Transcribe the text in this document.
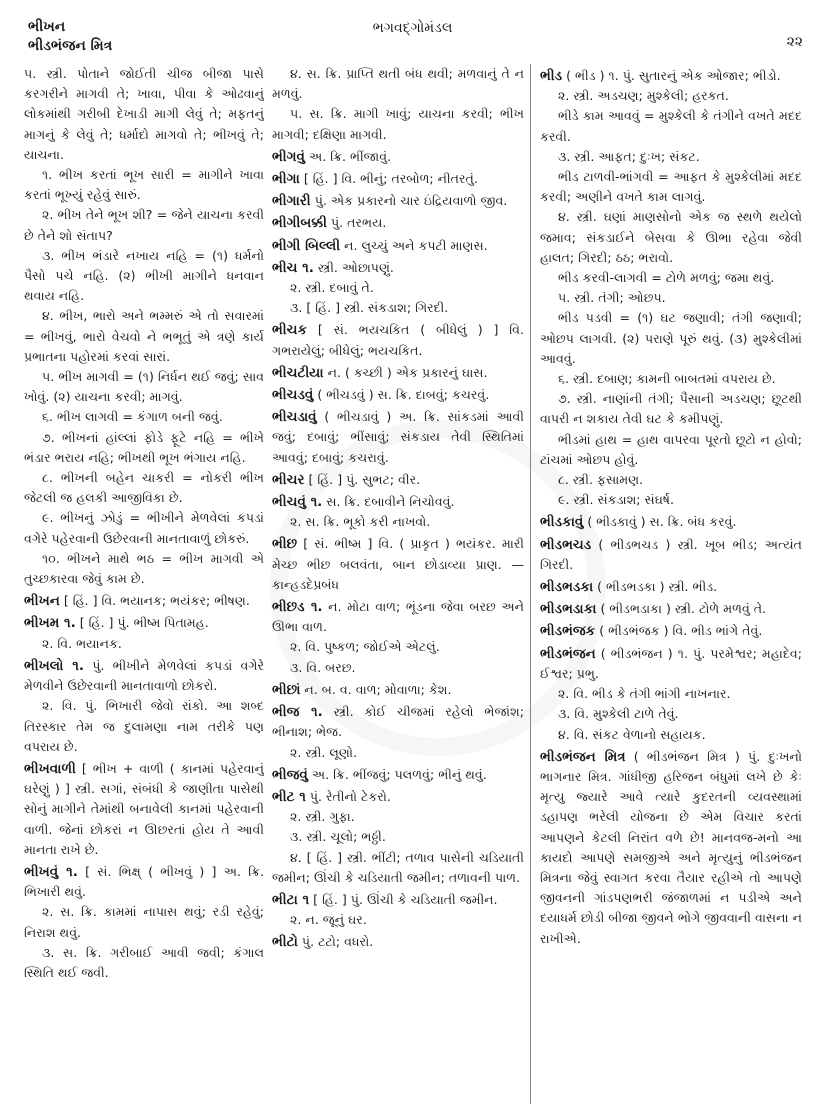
ભીખન
ભીડભંજન મિત્ર
ભગવદ્ગોમંડલ
૨૨

૫. સ્ત્રી. પોતાને જોઈતી ચીજ બીજા પાસે કરગરીને માગવી તે; ખાવા, પીવા કે ઓઢવાનું લોકમાંથી ગરીબી દેખાડી માગી લેવું તે; મફતનું માગનું કે લેવું તે; ધર્માદો માગવો તે; ભીખવું તે; યાચના.

૧. ભીખ કરતાં ભૂખ સારી = માગીને ખાવા કરતાં ભૂખ્યું રહેવું સારું.

૨. ભીખ તેને ભૂખ શી? = જેને યાચના કરવી છે તેને શો સંતાપ?

૩. ભીખ ભંડારે નખાય નહિ = (૧) ધર્મનો પૈસો પચે નહિ. (૨) ભીખી માગીને ધનવાન થવાય નહિ.

૪. ભીખ, ભારો અને ભમ્મરું એ તો સવારમાં = ભીખવું, ભારો વેચવો ને ભભૂતું એ ત્રણે કાર્ય પ્રભાતના પહોરમાં કરવાં સારાં.

૫. ભીખ માગવી = (૧) નિર્ધન થઈ જવું; સાવ ખોવું. (૨) યાચના કરવી; માગવું.

૬. ભીખ લાગવી = કંગાળ બની જવું.

૭. ભીખનાં હાંલ્લાં ફોડે ફૂટે નહિ = ભીખે ભંડાર ભરાય નહિ; ભીખથી ભૂખ ભંગાય નહિ.

૮. ભીખની બહેન ચાકરી = નોકરી ભીખ જેટલી જ હલકી આજીવિકા છે.

૯. ભીખનું ઝોડું = ભીખીને મેળવેલાં કપડાં વગેરે પહેરવાની ઉછેરવાની માનતાવાળું છોકરું.

૧૦. ભીખને માથે ભઠ = ભીખ માગવી એ તુચ્છકારવા જેવું કામ છે.

ભીખન [ હિં. ] વિ. ભયાનક; ભયંકર; ભીષણ.

ભીખમ ૧. [ હિં. ] પું. ભીષ્મ પિતામહ.

૨. વિ. ભયાનક.

ભીખલો ૧. પું. ભીખીને મેળવેલાં કપડાં વગેરે મેળવીને ઉછેરવાની માનતાવાળો છોકરો.

૨. વિ. પું. ભિખારી જેવો રાંકો. આ શબ્દ તિરસ્કાર તેમ જ દુલામણા નામ તરીકે પણ વપરાય છે.

ભીખવાળી [ ભીખ + વાળી ( કાનમાં પહેરવાનું ઘરેણું ) ] સ્ત્રી. સગાં, સંબંધી કે જાણીતા પાસેથી સોનું માગીને તેમાંથી બનાવેલી કાનમાં પહેરવાની વાળી. જેનાં છોકરાં ન ઊછરતાં હોય તે આવી માનતા રાખે છે.

ભીખવું ૧. [ સં. ભિક્ષ્ ( ભીખવું ) ] અ. ક્રિ. ભિખારી થવું.

૨. સ. ક્રિ. કામમાં નાપાસ થવું; રડી રહેવું; નિરાશ થવું.

૩. સ. ક્રિ. ગરીબાઈ આવી જવી; કંગાલ સ્થિતિ થઈ જવી.

૪. સ. ક્રિ. પ્રાપ્તિ થતી બંધ થવી; મળવાનું તે ન મળવું.

૫. સ. ક્રિ. માગી ખાવું; યાચના કરવી; ભીખ માગવી; દક્ષિણા માગવી.

ભીગવું અ. ક્રિ. ભીંજાવું.

ભીગા [ હિં. ] વિ. ભીનું; તરબોળ; નીતરતું.

ભીગારી પું. એક પ્રકારનો ચાર ઇંદ્રિયવાળો જીવ.

ભીગીબક્કી પું. તરભય.

ભીગી બિલ્લી ન. લુચ્ચું અને કપટી માણસ.

ભીચ ૧. સ્ત્રી. ઓછાપણું.

૨. સ્ત્રી. દબાવું તે.

૩. [ હિં. ] સ્ત્રી. સંકડાશ; ગિરદી.

ભીચક [ સં. ભયચકિત ( બીધેલું ) ] વિ. ગભરાયેલું; બીધેલું; ભયચકિત.

ભીચટીયા ન. ( કચ્છી ) એક પ્રકારનું ઘાસ.

ભીચડવું ( ભીચડવું ) સ. ક્રિ. દાબવું; કચરવું.

ભીચડાવું ( ભીચડાવું ) અ. ક્રિ. સાંકડમાં આવી જવું; દબાવું; ભીંસાવું; સંકડાય તેવી સ્થિતિમાં આવવું; દબાવું; કચરાવું.

ભીચર [ હિં. ] પું. સુભટ; વીર.

ભીચવું ૧. સ. ક્રિ. દબાવીને નિચોવવું.

૨. સ. ક્રિ. ભૂકો કરી નાખવો.

ભીછ [ સં. ભીષ્મ ] વિ. ( પ્રાકૃત ) ભયંકર. મારી મેચ્છ ભીછ બલવંતા, બાન છોડાવ્યા પ્રાણ. — કાન્હડદેપ્રબંધ

ભીછડ ૧. ન. મોટા વાળ; ભૂંડના જેવા બરછ અને ઊભા વાળ.

૨. વિ. પુષ્કળ; જોઈએ એટલું.

૩. વિ. બરછ.

ભીછાં ન. બ. વ. વાળ; મોવાળા; કેશ.

ભીજ ૧. સ્ત્રી. કોઈ ચીજમાં રહેલો ભેજાંશ; ભીનાશ; ભેજ.

૨. સ્ત્રી. લૂણો.

ભીજવું અ. ક્રિ. ભીંજવું; પલળવું; ભીનું થવું.

ભીટ ૧ પું. રેતીનો ટેકરો.

૨. સ્ત્રી. ગુફા.

૩. સ્ત્રી. ચૂલો; ભઠ્ઠી.

૪. [ હિં. ] સ્ત્રી. ભીંટી; તળાવ પાસેની ચડિયાતી જમીન; ઊંચી કે ચડિયાતી જમીન; તળાવની પાળ.

ભીટા ૧ [ હિં. ] પું. ઊંચી કે ચડિયાતી જમીન.

૨. ન. જૂનું ઘર.

ભીટો પું. ટટો; વધરો.

ભીડ ( ભીડ ) ૧. પું. સુતારનું એક ઓજાર; ભીડો.

૨. સ્ત્રી. અડચણ; મુશ્કેલી; હરકત.

ભીડે કામ આવવું = મુશ્કેલી કે તંગીને વખતે મદદ કરવી.

૩. સ્ત્રી. આફત; દુઃખ; સંકટ.

ભીડ ટાળવી-ભાંગવી = આફત કે મુશ્કેલીમાં મદદ કરવી; અણીને વખતે કામ લાગવું.

૪. સ્ત્રી. ઘણાં માણસોનો એક જ સ્થળે થયેલો જમાવ; સંકડાઈને બેસવા કે ઊભા રહેવા જેવી હાલત; ગિરદી; ઠઠ; ભરાવો.

ભીડ કરવી-લાગવી = ટોળે મળવું; જમા થવું.

૫. સ્ત્રી. તંગી; ઓછપ.

ભીડ પડવી = (૧) ઘટ જણાવી; તંગી જણાવી; ઓછપ લાગવી. (૨) પરાણે પૂરું થવું. (૩) મુશ્કેલીમાં આવવું.

૬. સ્ત્રી. દબાણ; કામની બાબતમાં વપરાય છે.

૭. સ્ત્રી. નાણાંની તંગી; પૈસાની અડચણ; છૂટથી વાપરી ન શકાય તેવી ઘટ કે કમીપણું.

ભીડમાં હાથ = હાથ વાપરવા પૂરતો છૂટો ન હોવો; ટાંચમાં ઓછપ હોવું.

૮. સ્ત્રી. ફસામણ.

૯. સ્ત્રી. સંકડાશ; સંઘર્ષ.

ભીડકાવું ( ભીડકાવું ) સ. ક્રિ. બંધ કરવું.

ભીડભચડ ( ભીડભચડ ) સ્ત્રી. ખૂબ ભીડ; અત્યંત ગિરદી.

ભીડભડકા ( ભીડભડકા ) સ્ત્રી. ભીડ.

ભીડભડાકા ( ભીડભડાકા ) સ્ત્રી. ટોળે મળવું તે.

ભીડભંજક ( ભીડભંજક ) વિ. ભીડ ભાંગે તેવું.

ભીડભંજન ( ભીડભંજન ) ૧. પું. પરમેશ્વર; મહાદેવ; ઈશ્વર; પ્રભુ.

૨. વિ. ભીડ કે તંગી ભાંગી નાખનાર.

૩. વિ. મુશ્કેલી ટાળે તેવું.

૪. વિ. સંકટ વેળાનો સહાયક.

ભીડભંજન મિત્ર ( ભીડભંજન મિત્ર ) પું. દુઃખનો ભાગનાર મિત્ર. ગાંધીજી હરિજન બંધુમાં લખે છે કેઃ મૃત્યુ જ્યારે આવે ત્યારે કુદરતની વ્યવસ્થામાં ડહાપણ ભરેલી યોજના છે એમ વિચાર કરતાં આપણને કેટલી નિરાંત વળે છે! માનવજ-મનો આ કાયદો આપણે સમજીએ અને મૃત્યુનું ભીડભંજન મિત્રના જેવું સ્વાગત કરવા તૈયાર રહીએ તો આપણે જીવનની ગાંડપણભરી જંજાળમાં ન પડીએ અને દયાધર્મ છોડી બીજા જીવને ભોગે જીવવાની વાસના ન રાખીએ.
